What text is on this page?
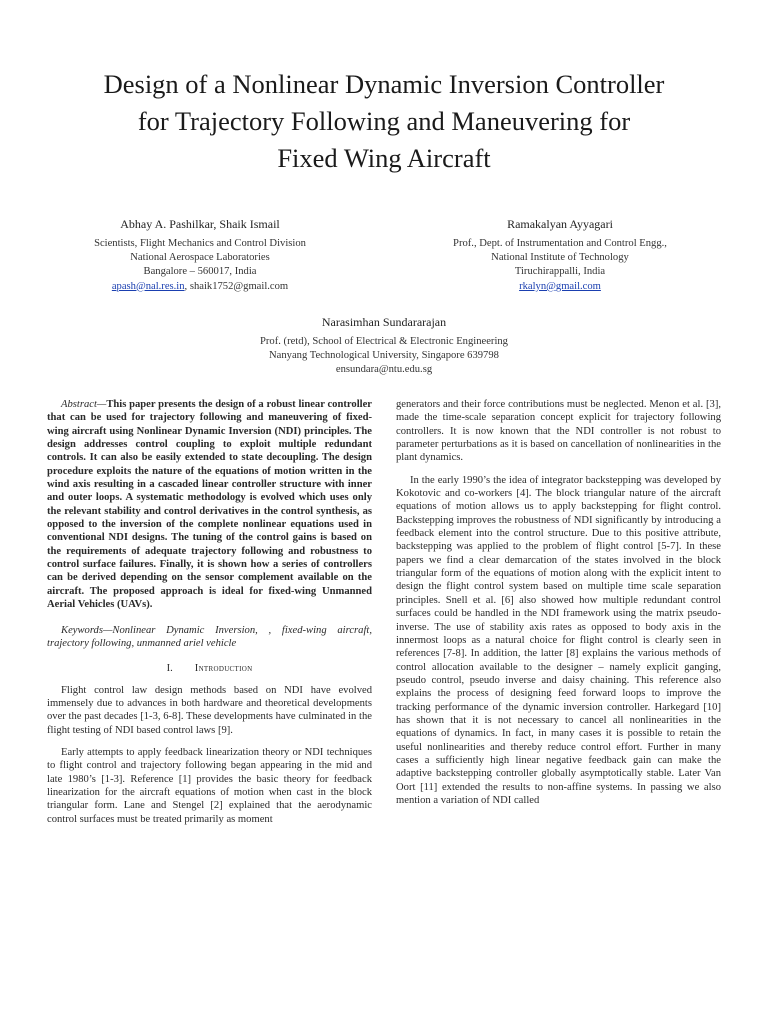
Design of a Nonlinear Dynamic Inversion Controller
for Trajectory Following and Maneuvering for
Fixed Wing Aircraft
Abhay A. Pashilkar, Shaik Ismail
Scientists, Flight Mechanics and Control Division
National Aerospace Laboratories
Bangalore – 560017, India
apash@nal.res.in, shaik1752@gmail.com
Ramakalyan Ayyagari
Prof., Dept. of Instrumentation and Control Engg.,
National Institute of Technology
Tiruchirappalli, India
rkalyn@gmail.com
Narasimhan Sundararajan
Prof. (retd), School of Electrical & Electronic Engineering
Nanyang Technological University, Singapore 639798
ensundara@ntu.edu.sg

Abstract—This paper presents the design of a robust linear controller that can be used for trajectory following and maneuvering of fixed-wing aircraft using Nonlinear Dynamic Inversion (NDI) principles. The design addresses control coupling to exploit multiple redundant controls. It can also be easily extended to state decoupling. The design procedure exploits the nature of the equations of motion written in the wind axis resulting in a cascaded linear controller structure with inner and outer loops. A systematic methodology is evolved which uses only the relevant stability and control derivatives in the control synthesis, as opposed to the inversion of the complete nonlinear equations used in conventional NDI designs. The tuning of the control gains is based on the requirements of adequate trajectory following and robustness to control surface failures. Finally, it is shown how a series of controllers can be derived depending on the sensor complement available on the aircraft. The proposed approach is ideal for fixed-wing Unmanned Aerial Vehicles (UAVs).

Keywords—Nonlinear Dynamic Inversion, , fixed-wing aircraft, trajectory following, unmanned ariel vehicle

I. Introduction

Flight control law design methods based on NDI have evolved immensely due to advances in both hardware and theoretical developments over the past decades [1-3, 6-8]. These developments have culminated in the flight testing of NDI based control laws [9].

Early attempts to apply feedback linearization theory or NDI techniques to flight control and trajectory following began appearing in the mid and late 1980’s [1-3]. Reference [1] provides the basic theory for feedback linearization for the aircraft equations of motion when cast in the block triangular form. Lane and Stengel [2] explained that the aerodynamic control surfaces must be treated primarily as moment

generators and their force contributions must be neglected. Menon et al. [3], made the time-scale separation concept explicit for trajectory following controllers. It is now known that the NDI controller is not robust to parameter perturbations as it is based on cancellation of nonlinearities in the plant dynamics.

In the early 1990’s the idea of integrator backstepping was developed by Kokotovic and co-workers [4]. The block triangular nature of the aircraft equations of motion allows us to apply backstepping for flight control. Backstepping improves the robustness of NDI significantly by introducing a feedback element into the control structure. Due to this positive attribute, backstepping was applied to the problem of flight control [5-7]. In these papers we find a clear demarcation of the states involved in the block triangular form of the equations of motion along with the explicit intent to design the flight control system based on multiple time scale separation principles. Snell et al. [6] also showed how multiple redundant control surfaces could be handled in the NDI framework using the matrix pseudo-inverse. The use of stability axis rates as opposed to body axis in the innermost loops as a natural choice for flight control is clearly seen in references [7-8]. In addition, the latter [8] explains the various methods of control allocation available to the designer – namely explicit ganging, pseudo control, pseudo inverse and daisy chaining. This reference also explains the process of designing feed forward loops to improve the tracking performance of the dynamic inversion controller. Harkegard [10] has shown that it is not necessary to cancel all nonlinearities in the equations of dynamics. In fact, in many cases it is possible to retain the useful nonlinearities and thereby reduce control effort. Further in many cases a sufficiently high linear negative feedback gain can make the adaptive backstepping controller globally asymptotically stable. Later Van Oort [11] extended the results to non-affine systems. In passing we also mention a variation of NDI called
